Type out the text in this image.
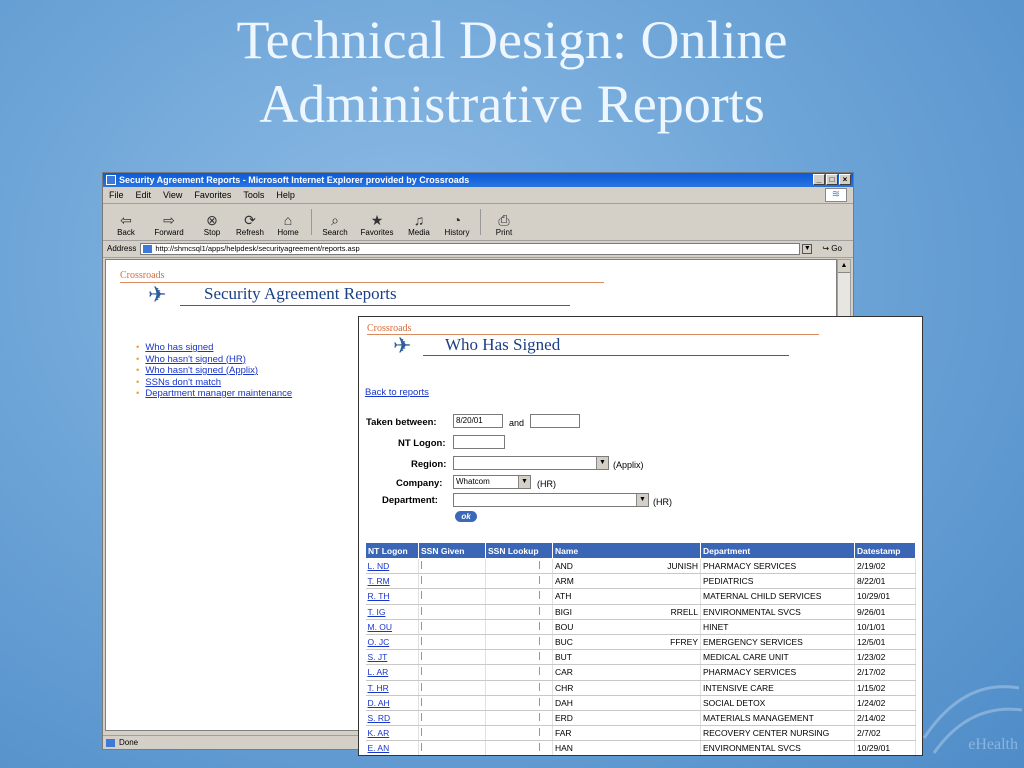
Technical Design: Online
Administrative Reports
eHealth
Security Agreement Reports - Microsoft Internet Explorer provided by Crossroads	_	□	×
File Edit View Favorites Tools Help	≋
⇦
Back
⇨
Forward
⊗
Stop
⟳
Refresh
⌂
Home
⌕
Search
★
Favorites
♫
Media
◔
History
⎙
Print
Address	http://shmcsql1/apps/helpdesk/securityagreement/reports.asp	▼ ↪ Go
Crossroads
✈ Security Agreement Reports
• Who has signed
• Who hasn't signed (HR)
• Who hasn't signed (Applix)
• SSNs don't match
• Department manager maintenance
▲
Done
Crossroads
✈ Who Has Signed
Back to reports
Taken between:	8/20/01	and
NT Logon:
Region:	▼ (Applix)
Company:	Whatcom	▼ (HR)
Department:	▼ (HR)
ok
NT Logon	SSN Given	SSN Lookup	Name	Department	Datestamp
L. ND			AND JUNISH	PHARMACY SERVICES	2/19/02
T. RM			ARM	PEDIATRICS	8/22/01
R. TH			ATH	MATERNAL CHILD SERVICES	10/29/01
T. IG			BIGI RRELL	ENVIRONMENTAL SVCS	9/26/01
M. OU			BOU	HINET	10/1/01
O. JC			BUC FFREY	EMERGENCY SERVICES	12/5/01
S. JT			BUT	MEDICAL CARE UNIT	1/23/02
L. AR			CAR	PHARMACY SERVICES	2/17/02
T. HR			CHR	INTENSIVE CARE	1/15/02
D. AH			DAH	SOCIAL DETOX	1/24/02
S. RD			ERD	MATERIALS MANAGEMENT	2/14/02
K. AR			FAR	RECOVERY CENTER NURSING	2/7/02
E. AN			HAN	ENVIRONMENTAL SVCS	10/29/01
